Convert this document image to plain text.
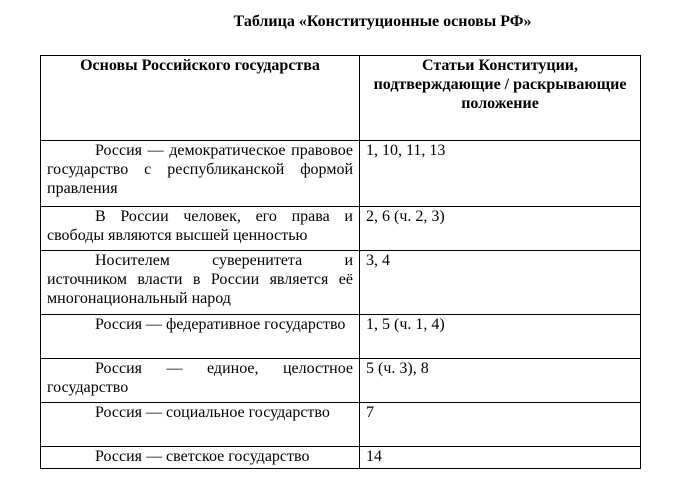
Таблица «Конституционные основы РФ»
Основы Российского государства	Статьи Конституции, подтверждающие / раскрывающие положение
Россия — демократическое правовое государство с республиканской формой правления	1, 10, 11, 13
В России человек, его права и свободы являются высшей ценностью	2, 6 (ч. 2, 3)
Носителем суверенитета и источником власти в России является её многонациональный народ	3, 4
Россия — федеративное государство	1, 5 (ч. 1, 4)
Россия — единое, целостное государство	5 (ч. 3), 8
Россия — социальное государство	7
Россия — светское государство	14
